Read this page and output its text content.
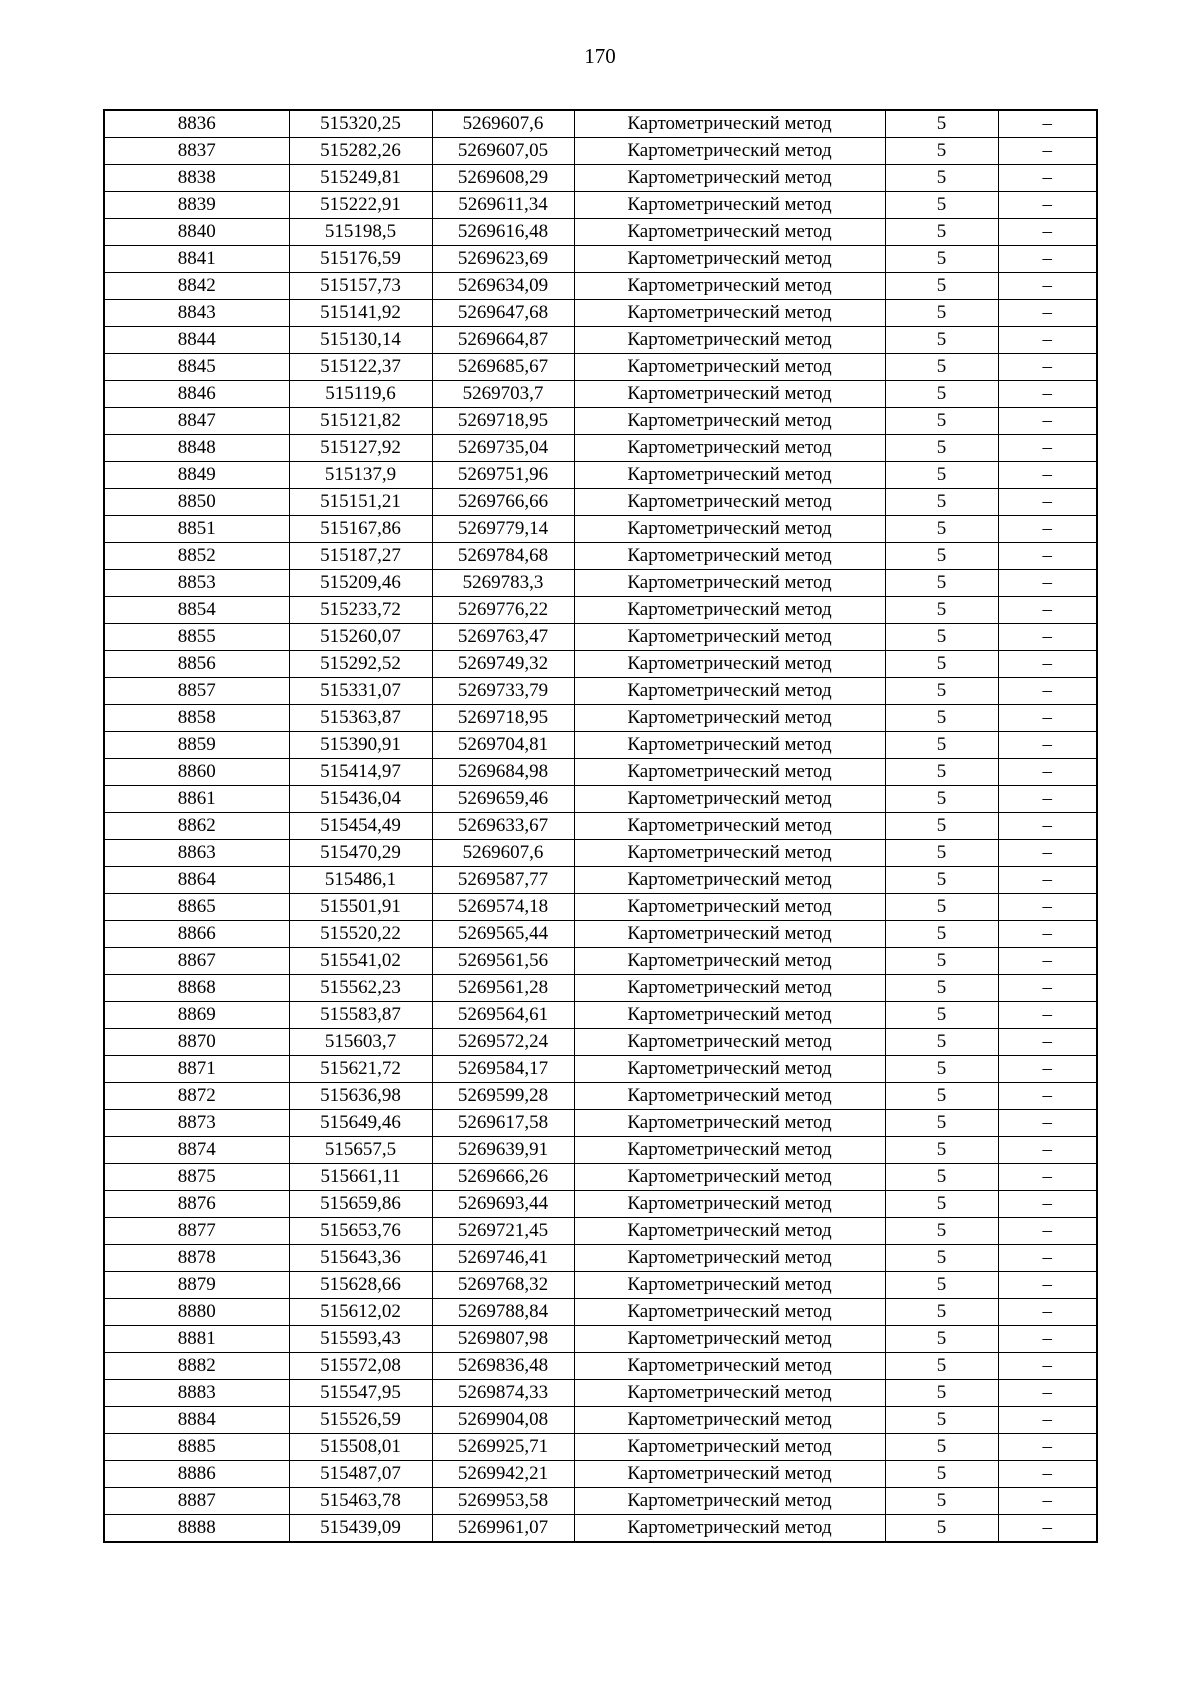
170
8836	515320,25	5269607,6	Картометрический метод	5	–
8837	515282,26	5269607,05	Картометрический метод	5	–
8838	515249,81	5269608,29	Картометрический метод	5	–
8839	515222,91	5269611,34	Картометрический метод	5	–
8840	515198,5	5269616,48	Картометрический метод	5	–
8841	515176,59	5269623,69	Картометрический метод	5	–
8842	515157,73	5269634,09	Картометрический метод	5	–
8843	515141,92	5269647,68	Картометрический метод	5	–
8844	515130,14	5269664,87	Картометрический метод	5	–
8845	515122,37	5269685,67	Картометрический метод	5	–
8846	515119,6	5269703,7	Картометрический метод	5	–
8847	515121,82	5269718,95	Картометрический метод	5	–
8848	515127,92	5269735,04	Картометрический метод	5	–
8849	515137,9	5269751,96	Картометрический метод	5	–
8850	515151,21	5269766,66	Картометрический метод	5	–
8851	515167,86	5269779,14	Картометрический метод	5	–
8852	515187,27	5269784,68	Картометрический метод	5	–
8853	515209,46	5269783,3	Картометрический метод	5	–
8854	515233,72	5269776,22	Картометрический метод	5	–
8855	515260,07	5269763,47	Картометрический метод	5	–
8856	515292,52	5269749,32	Картометрический метод	5	–
8857	515331,07	5269733,79	Картометрический метод	5	–
8858	515363,87	5269718,95	Картометрический метод	5	–
8859	515390,91	5269704,81	Картометрический метод	5	–
8860	515414,97	5269684,98	Картометрический метод	5	–
8861	515436,04	5269659,46	Картометрический метод	5	–
8862	515454,49	5269633,67	Картометрический метод	5	–
8863	515470,29	5269607,6	Картометрический метод	5	–
8864	515486,1	5269587,77	Картометрический метод	5	–
8865	515501,91	5269574,18	Картометрический метод	5	–
8866	515520,22	5269565,44	Картометрический метод	5	–
8867	515541,02	5269561,56	Картометрический метод	5	–
8868	515562,23	5269561,28	Картометрический метод	5	–
8869	515583,87	5269564,61	Картометрический метод	5	–
8870	515603,7	5269572,24	Картометрический метод	5	–
8871	515621,72	5269584,17	Картометрический метод	5	–
8872	515636,98	5269599,28	Картометрический метод	5	–
8873	515649,46	5269617,58	Картометрический метод	5	–
8874	515657,5	5269639,91	Картометрический метод	5	–
8875	515661,11	5269666,26	Картометрический метод	5	–
8876	515659,86	5269693,44	Картометрический метод	5	–
8877	515653,76	5269721,45	Картометрический метод	5	–
8878	515643,36	5269746,41	Картометрический метод	5	–
8879	515628,66	5269768,32	Картометрический метод	5	–
8880	515612,02	5269788,84	Картометрический метод	5	–
8881	515593,43	5269807,98	Картометрический метод	5	–
8882	515572,08	5269836,48	Картометрический метод	5	–
8883	515547,95	5269874,33	Картометрический метод	5	–
8884	515526,59	5269904,08	Картометрический метод	5	–
8885	515508,01	5269925,71	Картометрический метод	5	–
8886	515487,07	5269942,21	Картометрический метод	5	–
8887	515463,78	5269953,58	Картометрический метод	5	–
8888	515439,09	5269961,07	Картометрический метод	5	–
